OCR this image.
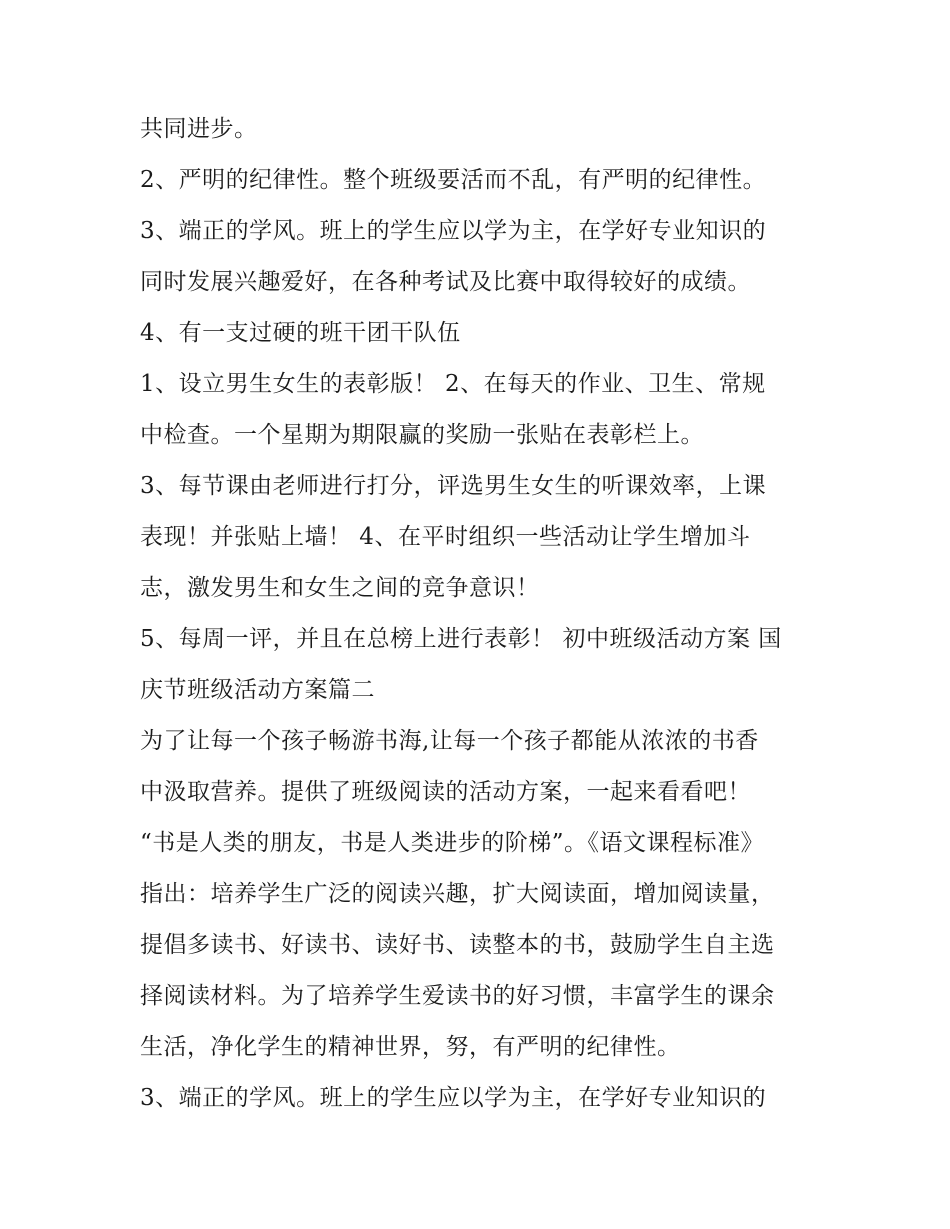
共同进步。
2、严明的纪律性。整个班级要活而不乱，有严明的纪律性。
3、端正的学风。班上的学生应以学为主，在学好专业知识的
同时发展兴趣爱好，在各种考试及比赛中取得较好的成绩。
4、有一支过硬的班干团干队伍
1、设立男生女生的表彰版！ 2、在每天的作业、卫生、常规
中检查。一个星期为期限赢的奖励一张贴在表彰栏上。
3、每节课由老师进行打分，评选男生女生的听课效率，上课
表现！并张贴上墙！ 4、在平时组织一些活动让学生增加斗
志，激发男生和女生之间的竞争意识！
5、每周一评，并且在总榜上进行表彰！ 初中班级活动方案 国
庆节班级活动方案篇二
为了让每一个孩子畅游书海,让每一个孩子都能从浓浓的书香
中汲取营养。提供了班级阅读的活动方案，一起来看看吧！
“书是人类的朋友，书是人类进步的阶梯”。《语文课程标准》
指出：培养学生广泛的阅读兴趣，扩大阅读面，增加阅读量，
提倡多读书、好读书、读好书、读整本的书，鼓励学生自主选
择阅读材料。为了培养学生爱读书的好习惯，丰富学生的课余
生活，净化学生的精神世界，努，有严明的纪律性。
3、端正的学风。班上的学生应以学为主，在学好专业知识的
